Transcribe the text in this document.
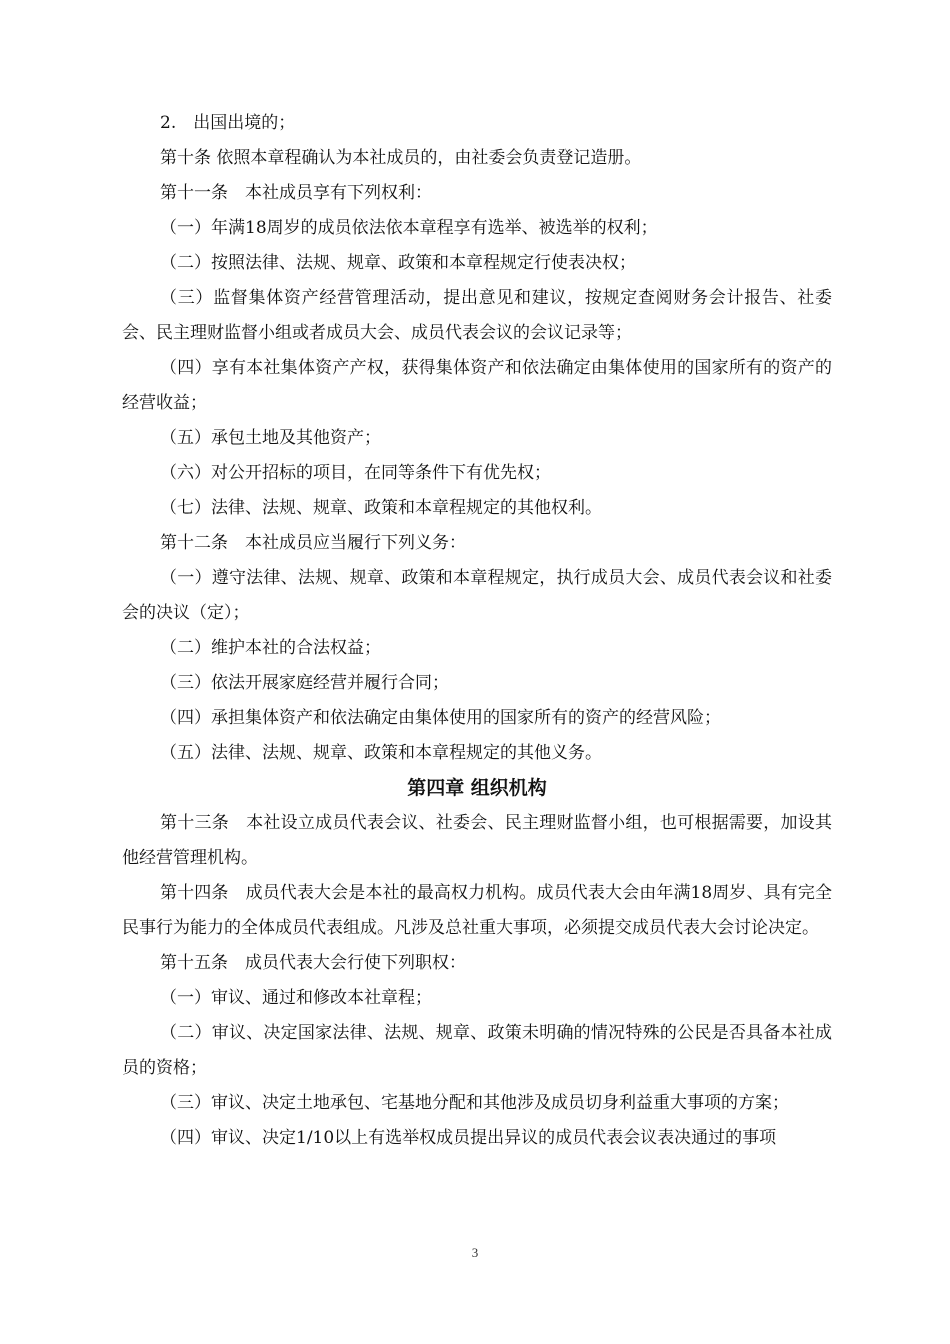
2.　出国出境的；

第十条 依照本章程确认为本社成员的，由社委会负责登记造册。

第十一条　本社成员享有下列权利：

（一）年满18周岁的成员依法依本章程享有选举、被选举的权利；

（二）按照法律、法规、规章、政策和本章程规定行使表决权；

（三）监督集体资产经营管理活动，提出意见和建议，按规定查阅财务会计报告、社委会、民主理财监督小组或者成员大会、成员代表会议的会议记录等；

（四）享有本社集体资产产权，获得集体资产和依法确定由集体使用的国家所有的资产的经营收益；

（五）承包土地及其他资产；

（六）对公开招标的项目，在同等条件下有优先权；

（七）法律、法规、规章、政策和本章程规定的其他权利。

第十二条　本社成员应当履行下列义务：

（一）遵守法律、法规、规章、政策和本章程规定，执行成员大会、成员代表会议和社委会的决议（定）；

（二）维护本社的合法权益；

（三）依法开展家庭经营并履行合同；

（四）承担集体资产和依法确定由集体使用的国家所有的资产的经营风险；

（五）法律、法规、规章、政策和本章程规定的其他义务。

第四章 组织机构

第十三条　本社设立成员代表会议、社委会、民主理财监督小组，也可根据需要，加设其他经营管理机构。

第十四条　成员代表大会是本社的最高权力机构。成员代表大会由年满18周岁、具有完全民事行为能力的全体成员代表组成。凡涉及总社重大事项，必须提交成员代表大会讨论决定。

第十五条　成员代表大会行使下列职权：

（一）审议、通过和修改本社章程；

（二）审议、决定国家法律、法规、规章、政策未明确的情况特殊的公民是否具备本社成员的资格；

（三）审议、决定土地承包、宅基地分配和其他涉及成员切身利益重大事项的方案；

（四）审议、决定1/10以上有选举权成员提出异议的成员代表会议表决通过的事项

3
